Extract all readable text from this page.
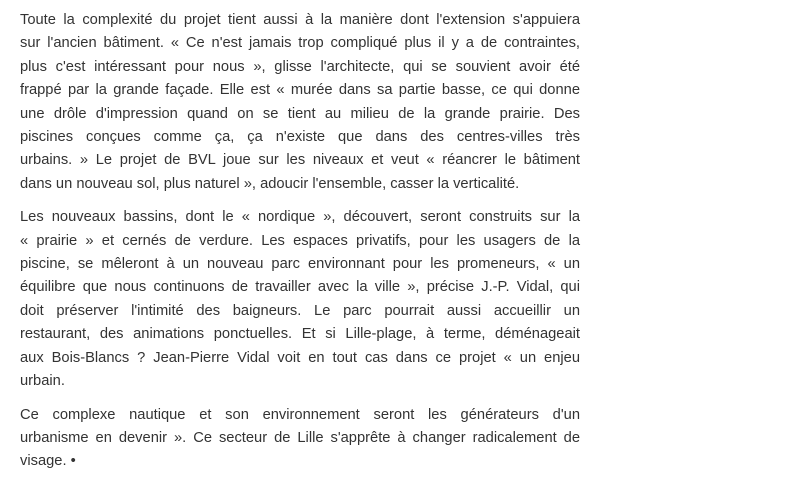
Toute la complexité du projet tient aussi à la manière dont l'extension s'appuiera
sur l'ancien bâtiment. « Ce n'est jamais trop compliqué plus il y a de contraintes,
plus c'est intéressant pour nous », glisse l'architecte, qui se souvient avoir été
frappé par la grande façade. Elle est « murée dans sa partie basse, ce qui donne
une drôle d'impression quand on se tient au milieu de la grande prairie. Des
piscines conçues comme ça, ça n'existe que dans des centres-villes très
urbains. » Le projet de BVL joue sur les niveaux et veut « réancrer le bâtiment
dans un nouveau sol, plus naturel », adoucir l'ensemble, casser la verticalité.

Les nouveaux bassins, dont le « nordique », découvert, seront construits sur la
« prairie » et cernés de verdure. Les espaces privatifs, pour les usagers de la
piscine, se mêleront à un nouveau parc environnant pour les promeneurs, « un
équilibre que nous continuons de travailler avec la ville », précise J.-P. Vidal, qui
doit préserver l'intimité des baigneurs. Le parc pourrait aussi accueillir un
restaurant, des animations ponctuelles. Et si Lille-plage, à terme, déménageait
aux Bois-Blancs ? Jean-Pierre Vidal voit en tout cas dans ce projet « un enjeu
urbain.

Ce complexe nautique et son environnement seront les générateurs d'un
urbanisme en devenir ». Ce secteur de Lille s'apprête à changer radicalement de
visage. •
